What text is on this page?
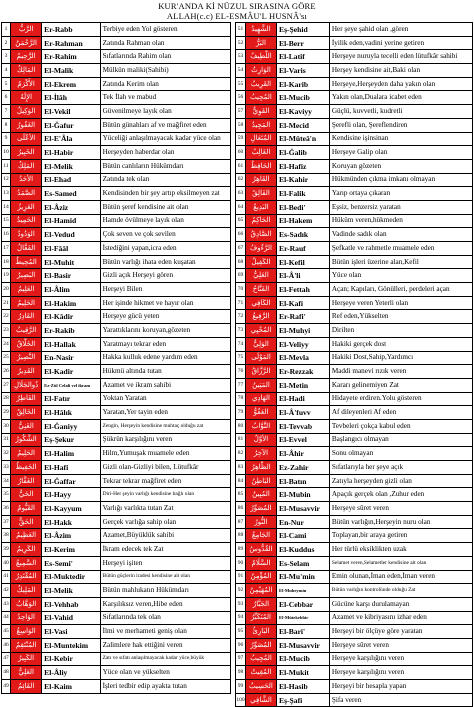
KUR'ANDA Kİ NÜZUL SIRASINA GÖRE
ALLAH(c.c) EL-ESMÂU'L HUSNÂ'sı
1	الرَّبُّ	Er-Rabb	Terbiye eden Yol gösteren
2	الرَّحْمَنُ	Er-Rahman	Zatında Rahman olan
3	الرَّحِيمُ	Er-Rahim	Sıfatlarında Rahim olan
4	المَالِكُ	El-Malik	Mülkün maliki(Sahibi)
5	الأَكْرَمُ	El-Ekrem	Zatında Kerim olan
6	الإِلَهُ	El-İlâh	Tek İlah ve mabud
7	الوَكِيلُ	El-Vekil	Güvenilmeye layık olan
8	الغَفُورُ	El-Ğafur	Bütün günahları af ve mağfiret eden
9	الأَعْلَى	El-E'Âla	Yüceliği anlaşılmayacak kadar yüce olan
10	الخَبِيرُ	El-Habir	Herşeyden haberdar olan
11	المَلِكُ	El-Melik	Bütün canlıların Hükümdarı
12	الأَحَدُ	El-Ehad	Zatında tek olan
13	الصَّمَدُ	Es-Samed	Kendisinden bir şey artıp eksilmeyen zat
14	العَزِيزُ	El-Âziz	Bütün şeref kendisine ait olan
15	الحَمِيدُ	El-Hamid	Hamde övülmeye layık olan
16	الوَدُودُ	El-Vedud	Çok seven ve çok sevilen
17	الفَعَّالُ	El-Fââl	İstediğini yapan,icra eden
18	المُحِيطُ	El-Muhit	Bütün varlığı ihata eden kuşatan
19	البَصِيرُ	El-Basir	Gizli açık Herşeyi gören
20	العَلِيمُ	El-Âlim	Herşeyi Bilen
21	الحَلِيمُ	El-Hakim	Her işinde hikmet ve hayır olan
22	القَادِرُ	El-Kâdir	Herşeye gücü yeten
23	الرَّقِيبُ	Er-Rakib	Yarattıklarını koruyan,gözeten
24	الخَلَّاقُ	El-Hallak	Yaratmayı tekrar eden
25	النَّصِيرُ	En-Nasir	Hakka kulluk edene yardım eden
26	القَدِيرُ	El-Kadir	Hükmü altında tutan
27	ذُوالجَلَالِ	Ez-Zül Celali vel ikram	Azamet ve ikram sahibi
28	الفَاطِرُ	El-Fatır	Yoktan Yaratan
29	الخَالِقُ	El-Hâlık	Yaratan,Yer tayin eden
30	الغَنِيُّ	El-Ğaniyy	Zengin, Herşeyin kendisine muhtaç olduğu zat
31	الشَّكُورُ	Eş-Şekur	Şükrün karşılığını veren
32	الحَلِيمُ	El-Halim	Hilm,Yumuşak muamele eden
33	الحَفِيظُ	El-Hafi	Gizli olan-Gizliyi bilen, Lütufkâr
34	الغَفَّارُ	El-Ğaffar	Tekrar tekrar mağfiret eden
35	الحَيُّ	El-Hayy	Diri-Her şeyin varlığı kendisine bağlı olan
36	القَيُّومُ	El-Kayyum	Varlığı varlıkta tutan Zat
37	الحَقُّ	El-Hakk	Gerçek varlığa sahip olan
38	العَظِيمُ	El-Âzim	Azamet,Büyüklük sahibi
39	الكَرِيمُ	El-Kerim	İkram edecek tek Zat
40	السَّمِيعُ	Es-Semi'	Herşeyi işiten
41	المُقْتَدِرُ	El-Muktedir	Bütün güçlerin iradesi kendisine ait olan
42	المَلِيكُ	El-Melik	Bütün mahlukatın Hükümdarı
43	الوَهَّابُ	El-Vehhab	Karşılıksız veren,Hibe eden
44	الوَاحِدُ	El-Vahid	Sıfatlarında tek olan
45	الوَاسِعُ	El-Vasi	İlmi ve merhameti geniş olan
46	المُنْتَقِمُ	El-Muntekim	Zalimlere hak ettiğini veren
47	الكَبِيرُ	El-Kebir	Zatı ve sıfatı anlaşılmayacak kadar yüce,büyük
48	العَلِيُّ	El-Âliy	Yüce olan ve yükselten
49	القَائِمُ	El-Kaim	İşleri tedbir edip ayakta tutan
51	الشَّهِيدُ	Eş-Şehid	Her şeye şahid olan ,gören
52	البَرُّ	El-Berr	İyilik eden,vadini yerine getiren
53	اللَّطِيفُ	El-Latif	Herşeye nuruyla tecelli eden lütufkâr sahibi
54	الوَارِثُ	El-Varis	Herşey kendisine ait,Baki olan
55	القَرِيبُ	El-Karib	Herşeye,Herşeyden daha yakın olan
56	المُجِيبُ	El-Mucib	Yakın olan,Dualara icabet eden
57	القَوِيُّ	El-Kaviyy	Güçlü, kuvvetli, kudretli
58	المَجِيدُ	El-Mecid	Şerefli olan, Şereflendiren
59	المُتَعَالِ	El-Müteâ'n	Kendisine işinsinan
60	الغَالِبُ	El-Ğalib	Herşeye Galip olan
61	الحَافِظُ	El-Hafiz	Koruyan gözeten
62	القَاهِرُ	El-Kahir	Hükmünden çıkma imkanı olmayan
63	الفَالِقُ	El-Falik	Yarıp ortaya çıkaran
64	البَدِيعُ	El-Bedi'	Eşsiz, benzersiz yaratan
65	الحَاكِمُ	El-Hakem	Hüküm veren,hükmeden
66	الصَّادِقُ	Es-Sadık	Vadinde sadık olan
67	الرَّءُوفُ	Er-Rauf	Şefkatle ve rahmetle muamele eden
68	الكَفِيلُ	El-Kefil	Bütün işleri üzerine alan,Kefil
69	العَلِيُّ	El-Â'li	Yüce olan
70	الفَتَّاحُ	El-Fettah	Açan; Kapıları, Gönülleri, perdeleri açan
71	الكَافِي	El-Kafi	Herşeye veren Yeterli olan
72	الرَّفِيعُ	Er-Rafi'	Ref eden,Yükselten
73	المُحْيِي	El-Muhyi	Dirilten
74	الوَلِيُّ	El-Veliyy	Hakiki gerçek dost
75	المَوْلَى	El-Mevla	Hakiki Dost,Sahip,Yardımcı
76	الرَّزَّاقُ	Er-Rezzak	Maddi manevi rızık veren
77	المَتِينُ	El-Metin	Kararı gelinemiyen Zat
78	الهَادِي	El-Hadi	Hidayete erdiren.Yolu gösteren
79	العَفُوُّ	El-Â'fuvv	Af dileyenleri Af eden
80	التَّوَّابُ	El-Tevvab	Tevbeleri çokça kabul eden
81	الأَوَّلُ	El-Evvel	Başlangıcı olmayan
82	الآخِرُ	El-Âhir	Sonu olmayan
83	الظَّاهِرُ	Ez-Zahir	Sıfatlarıyla her şeye açık
84	البَاطِنُ	El-Batın	Zatıyla herşeyden gizli olan
85	المُبِينُ	El-Mubin	Apaçık gerçek olan ,Zuhur eden
86	المُصَوِّرُ	El-Musavvir	Herşeye sûret veren
87	النُّورُ	En-Nur	Bütün varlığın,Herşeyin nuru olan
88	الجَامِعُ	El-Cami	Toplayan,bir araya getiren
89	القُدُّوسُ	El-Kuddus	Her türlü eksiklikten uzak
90	السَّلَامُ	Es-Selam	Selamet veren,Selametler kendisine ait olan
91	المُؤْمِنُ	El-Mu'min	Emin olunan,İman eden,İman veren
92	المُهَيْمِنُ	El-Muheymin	Bütün varlığın kontrolünde olduğu Zat
93	الجَبَّارُ	El-Cebbar	Gücüne karşı durulamayan
94	المُتَكَبِّرُ	El-Mütekebbir	Azamet ve kibriyasını izhar eden
95	البَارِئُ	El-Bari'	Herşeyi bir ölçüye göre yaratan
96	المُصَوِّرُ	El-Musavvir	Herşeye sûret veren
97	المُجِيبُ	El-Mucib	Herşeye karşılığını veren
98	المُقِيتُ	El-Mukit	Herşeye karşılığını veren
99	الحَسِيبُ	El-Hasib	Herşeyi bir hesapla yapan
100	الشَّافِي	Eş-Şafi	Şifa veren
